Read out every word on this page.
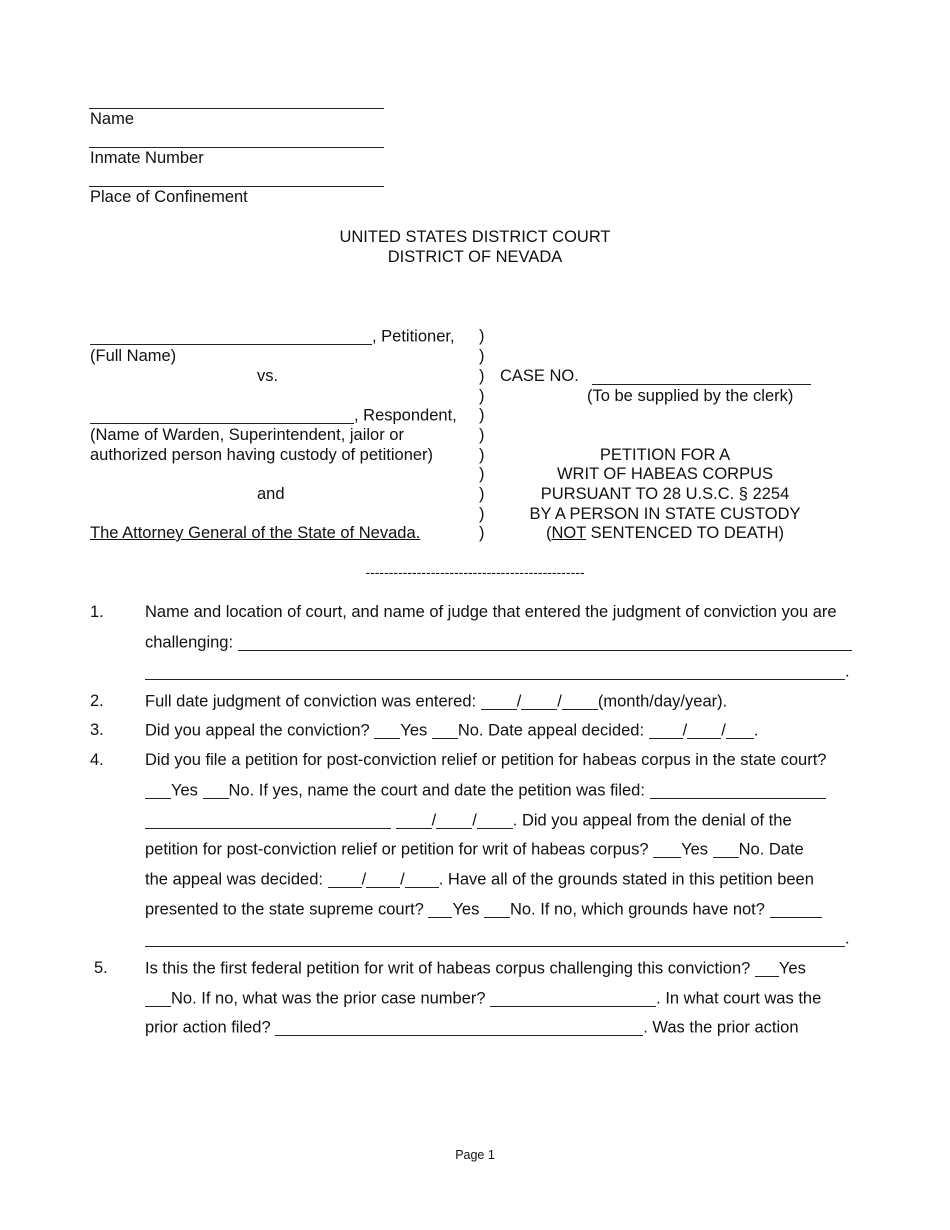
Name
Inmate Number
Place of Confinement
UNITED STATES DISTRICT COURT
DISTRICT OF NEVADA
, Petitioner,
(Full Name)
vs.
, Respondent,
(Name of Warden, Superintendent, jailor or
authorized person having custody of petitioner)
and
The Attorney General of the State of Nevada.
)
)
)
)
)
)
)
)
)
)
)
CASE NO.
(To be supplied by the clerk)
PETITION FOR A
WRIT OF HABEAS CORPUS
PURSUANT TO 28 U.S.C. § 2254
BY A PERSON IN STATE CUSTODY
(NOT SENTENCED TO DEATH)
-----------------------------------------------
1. Name and location of court, and name of judge that entered the judgment of conviction you are
challenging:
.
2. Full date judgment of conviction was entered: / / (month/day/year).
3. Did you appeal the conviction? Yes No. Date appeal decided: / / .
4. Did you file a petition for post-conviction relief or petition for habeas corpus in the state court?
Yes No. If yes, name the court and date the petition was filed:
/ / . Did you appeal from the denial of the
petition for post-conviction relief or petition for writ of habeas corpus? Yes No. Date
the appeal was decided: / / . Have all of the grounds stated in this petition been
presented to the state supreme court? Yes No. If no, which grounds have not?
.
5. Is this the first federal petition for writ of habeas corpus challenging this conviction? Yes
No. If no, what was the prior case number?	. In what court was the
prior action filed?	. Was the prior action
Page 1
